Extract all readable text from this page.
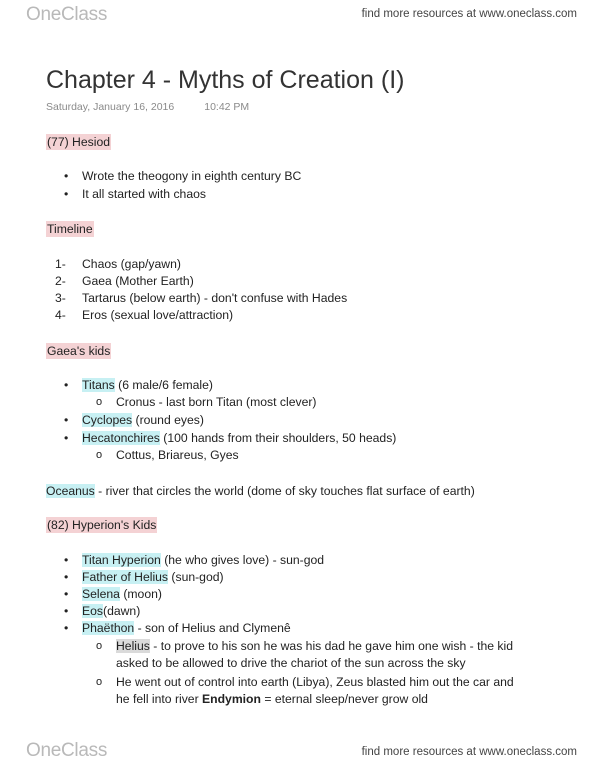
OneClass	find more resources at www.oneclass.com
Chapter 4 - Myths of Creation (I)
Saturday, January 16, 2016	10:42 PM
(77) Hesiod
• Wrote the theogony in eighth century BC
• It all started with chaos
Timeline
1- Chaos (gap/yawn)
2- Gaea (Mother Earth)
3- Tartarus (below earth) - don't confuse with Hades
4- Eros (sexual love/attraction)
Gaea's kids
• Titans (6 male/6 female)
o Cronus - last born Titan (most clever)
• Cyclopes (round eyes)
• Hecatonchires (100 hands from their shoulders, 50 heads)
o Cottus, Briareus, Gyes
Oceanus - river that circles the world (dome of sky touches flat surface of earth)
(82) Hyperion's Kids
• Titan Hyperion (he who gives love) - sun-god
• Father of Helius (sun-god)
• Selena (moon)
• Eos(dawn)
• Phaëthon - son of Helius and Clymenê
o Helius - to prove to his son he was his dad he gave him one wish - the kid
asked to be allowed to drive the chariot of the sun across the sky
o He went out of control into earth (Libya), Zeus blasted him out the car and
he fell into river Endymion = eternal sleep/never grow old
OneClass	find more resources at www.oneclass.com
